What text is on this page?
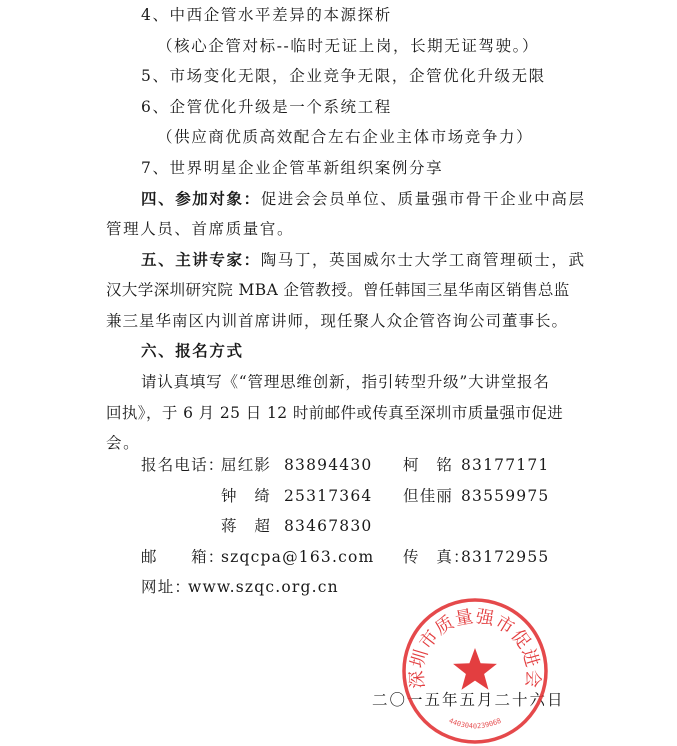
4、中西企管水平差异的本源探析
（核心企管对标--临时无证上岗，长期无证驾驶。）
5、市场变化无限，企业竞争无限，企管优化升级无限
6、企管优化升级是一个系统工程
（供应商优质高效配合左右企业主体市场竞争力）
7、世界明星企业企管革新组织案例分享
四、参加对象：促进会会员单位、质量强市骨干企业中高层
管理人员、首席质量官。
五、主讲专家：陶马丁，英国威尔士大学工商管理硕士，武
汉大学深圳研究院 MBA 企管教授。曾任韩国三星华南区销售总监
兼三星华南区内训首席讲师，现任聚人众企管咨询公司董事长。
六、报名方式
请认真填写《“管理思维创新，指引转型升级”大讲堂报名
回执》，于 6 月 25 日 12 时前邮件或传真至深圳市质量强市促进
会。
报名电话：
屈红影 83894430 柯　铭 83177171
钟　绮 25317364 但佳丽 83559975
蒋　超 83467830
邮　　箱：
szqcpa@163.com 传　真：
83172955
网址：
www.szqc.org.cn
二〇一五年五月二十六日
深圳市质量强市促进会
4403040239068
